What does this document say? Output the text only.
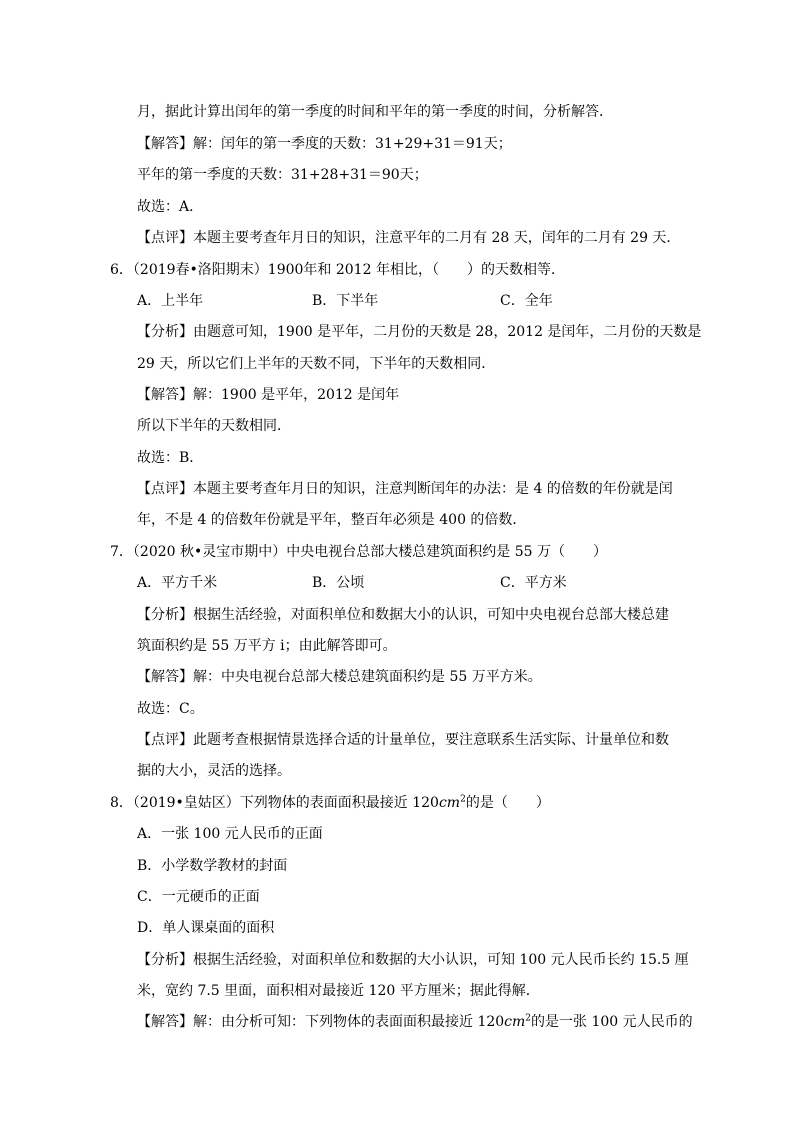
月，据此计算出闰年的第一季度的时间和平年的第一季度的时间，分析解答．
【解答】解：闰年的第一季度的天数：31+29+31＝91天；
平年的第一季度的天数：31+28+31＝90天；
故选：A．
【点评】本题主要考查年月日的知识，注意平年的二月有 28 天，闰年的二月有 29 天．
6．（2019春•洛阳期末）1900年和 2012 年相比，（　　）的天数相等．
A．上半年	B．下半年	C．全年
【分析】由题意可知，1900 是平年，二月份的天数是 28，2012 是闰年，二月份的天数是
29 天，所以它们上半年的天数不同，下半年的天数相同．
【解答】解：1900 是平年，2012 是闰年
所以下半年的天数相同．
故选：B．
【点评】本题主要考查年月日的知识，注意判断闰年的办法：是 4 的倍数的年份就是闰
年，不是 4 的倍数年份就是平年，整百年必须是 400 的倍数．
7．（2020 秋•灵宝市期中）中央电视台总部大楼总建筑面积约是 55 万（　　）
A．平方千米	B．公顷	C．平方米
【分析】根据生活经验，对面积单位和数据大小的认识，可知中央电视台总部大楼总建
筑面积约是 55 万平方 i；由此解答即可。
【解答】解：中央电视台总部大楼总建筑面积约是 55 万平方米。
故选：C。
【点评】此题考查根据情景选择合适的计量单位，要注意联系生活实际、计量单位和数
据的大小，灵活的选择。
8．（2019•皇姑区）下列物体的表面面积最接近 $120cm^2$的是（　　）
A．一张 100 元人民币的正面
B．小学数学教材的封面
C．一元硬币的正面
D．单人课桌面的面积
【分析】根据生活经验，对面积单位和数据的大小认识，可知 100 元人民币长约 15.5 厘
米，宽约 7.5 里面，面积相对最接近 120 平方厘米；据此得解．
【解答】解：由分析可知：下列物体的表面面积最接近 $120cm^2$的是一张 100 元人民币的
